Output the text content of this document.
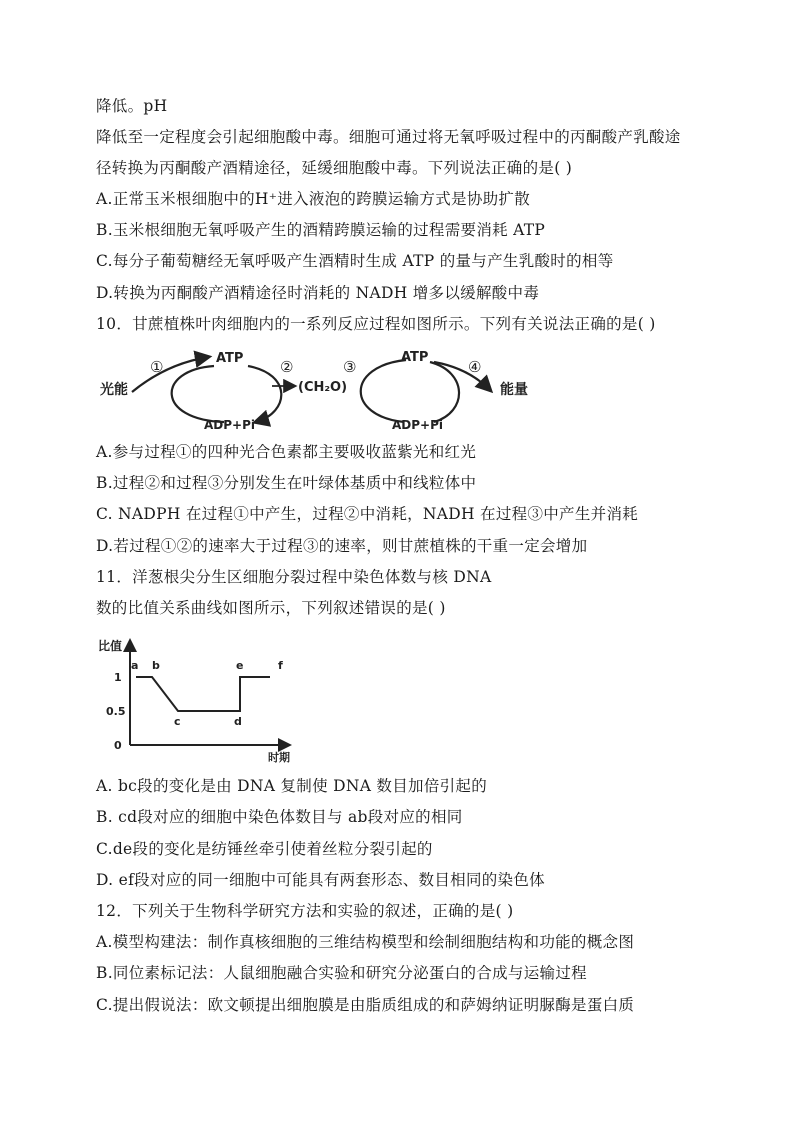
降低。pH
降低至一定程度会引起细胞酸中毒。细胞可通过将无氧呼吸过程中的丙酮酸产乳酸途
径转换为丙酮酸产酒精途径，延缓细胞酸中毒。下列说法正确的是( )
A.正常玉米根细胞中的H⁺进入液泡的跨膜运输方式是协助扩散
B.玉米根细胞无氧呼吸产生的酒精跨膜运输的过程需要消耗 ATP
C.每分子葡萄糖经无氧呼吸产生酒精时生成 ATP 的量与产生乳酸时的相等
D.转换为丙酮酸产酒精途径时消耗的 NADH 增多以缓解酸中毒
10．甘蔗植株叶肉细胞内的一系列反应过程如图所示。下列有关说法正确的是( )
光能
①	ATP
ADP+Pi
②
(CH₂O)
③
ATP
ADP+Pi
④
能量
A.参与过程①的四种光合色素都主要吸收蓝紫光和红光
B.过程②和过程③分别发生在叶绿体基质中和线粒体中
C. NADPH 在过程①中产生，过程②中消耗，NADH 在过程③中产生并消耗
D.若过程①②的速率大于过程③的速率，则甘蔗植株的干重一定会增加
11．洋葱根尖分生区细胞分裂过程中染色体数与核 DNA
数的比值关系曲线如图所示，下列叙述错误的是( )
比值
时期
1
0.5
0
a b
c	d
e	f
A. bc段的变化是由 DNA 复制使 DNA 数目加倍引起的
B. cd段对应的细胞中染色体数目与 ab段对应的相同
C.de段的变化是纺锤丝牵引使着丝粒分裂引起的
D. ef段对应的同一细胞中可能具有两套形态、数目相同的染色体
12．下列关于生物科学研究方法和实验的叙述，正确的是( )
A.模型构建法：制作真核细胞的三维结构模型和绘制细胞结构和功能的概念图
B.同位素标记法：人鼠细胞融合实验和研究分泌蛋白的合成与运输过程
C.提出假说法：欧文顿提出细胞膜是由脂质组成的和萨姆纳证明脲酶是蛋白质
